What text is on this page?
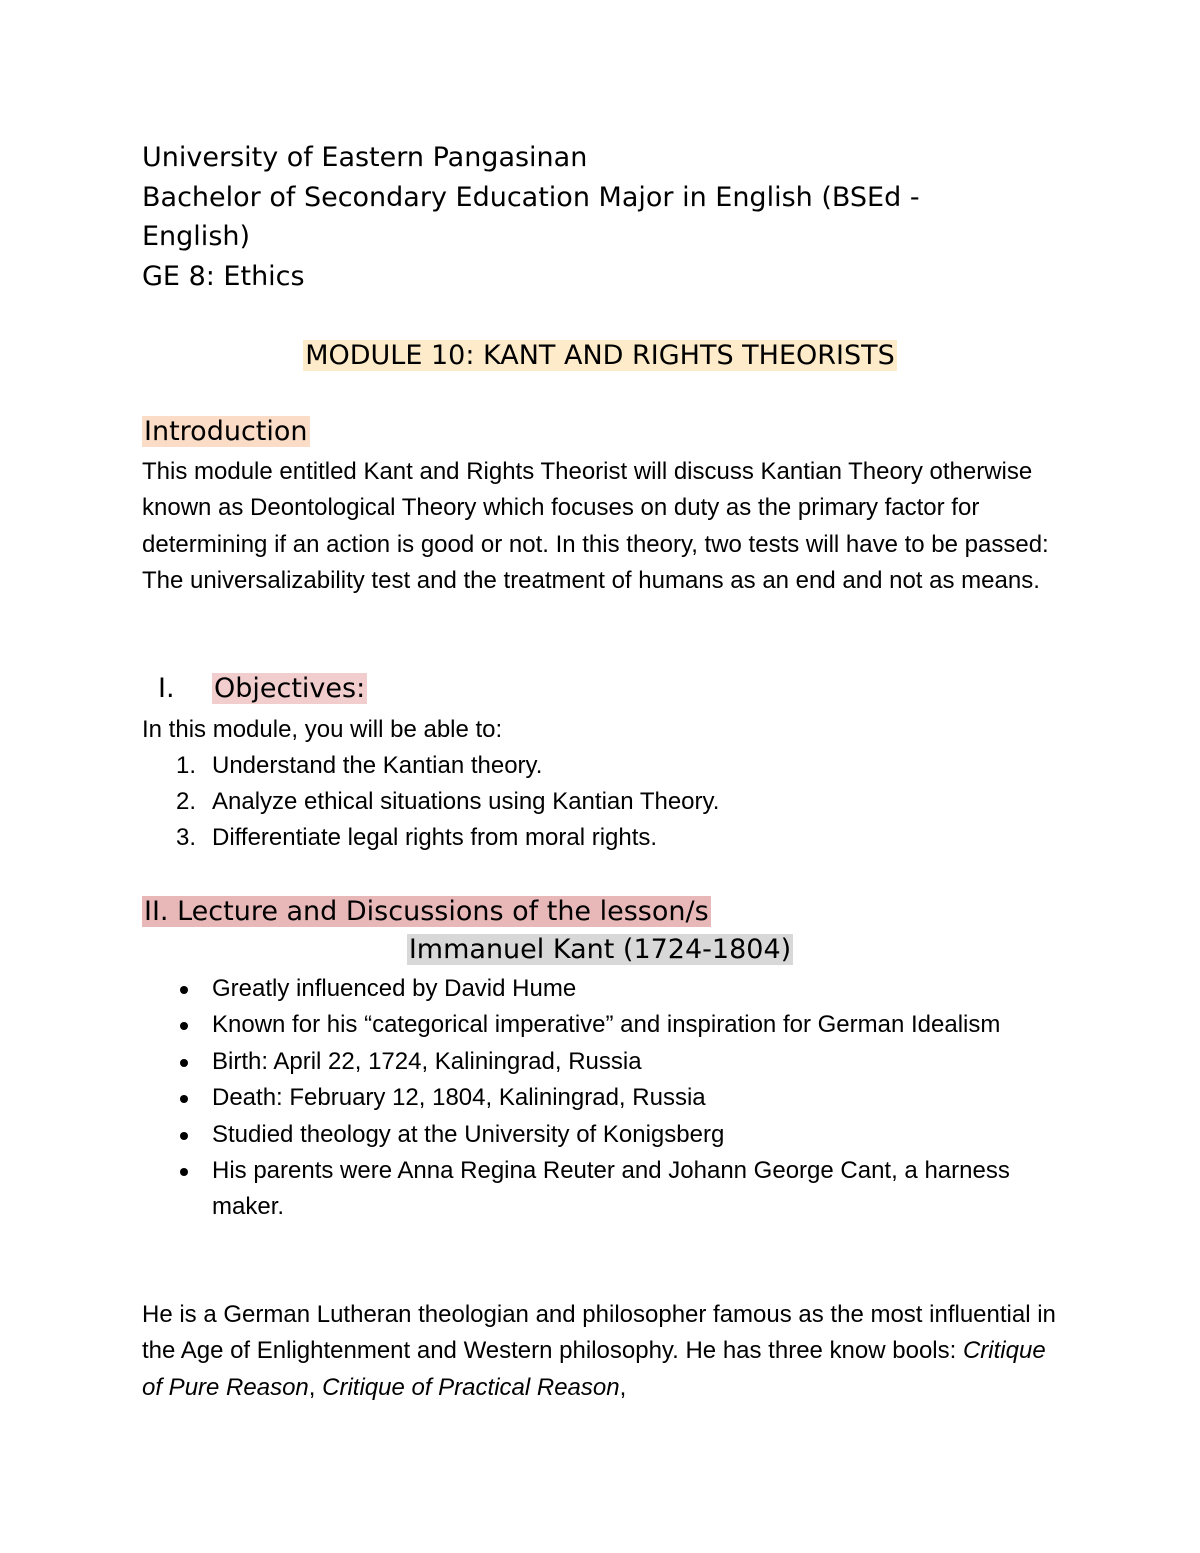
University of Eastern Pangasinan
Bachelor of Secondary Education Major in English (BSEd -
English)
GE 8: Ethics
MODULE 10: KANT AND RIGHTS THEORISTS
Introduction
This module entitled Kant and Rights Theorist will discuss Kantian Theory otherwise known as Deontological Theory which focuses on duty as the primary factor for determining if an action is good or not. In this theory, two tests will have to be passed: The universalizability test and the treatment of humans as an end and not as means.
I. Objectives:
In this module, you will be able to:
1. Understand the Kantian theory.
2. Analyze ethical situations using Kantian Theory.
3. Differentiate legal rights from moral rights.
II. Lecture and Discussions of the lesson/s
Immanuel Kant (1724-1804)
Greatly influenced by David Hume
Known for his “categorical imperative” and inspiration for German Idealism
Birth: April 22, 1724, Kaliningrad, Russia
Death: February 12, 1804, Kaliningrad, Russia
Studied theology at the University of Konigsberg
His parents were Anna Regina Reuter and Johann George Cant, a harness maker.
He is a German Lutheran theologian and philosopher famous as the most influential in the Age of Enlightenment and Western philosophy. He has three know bools: Critique of Pure Reason, Critique of Practical Reason,
